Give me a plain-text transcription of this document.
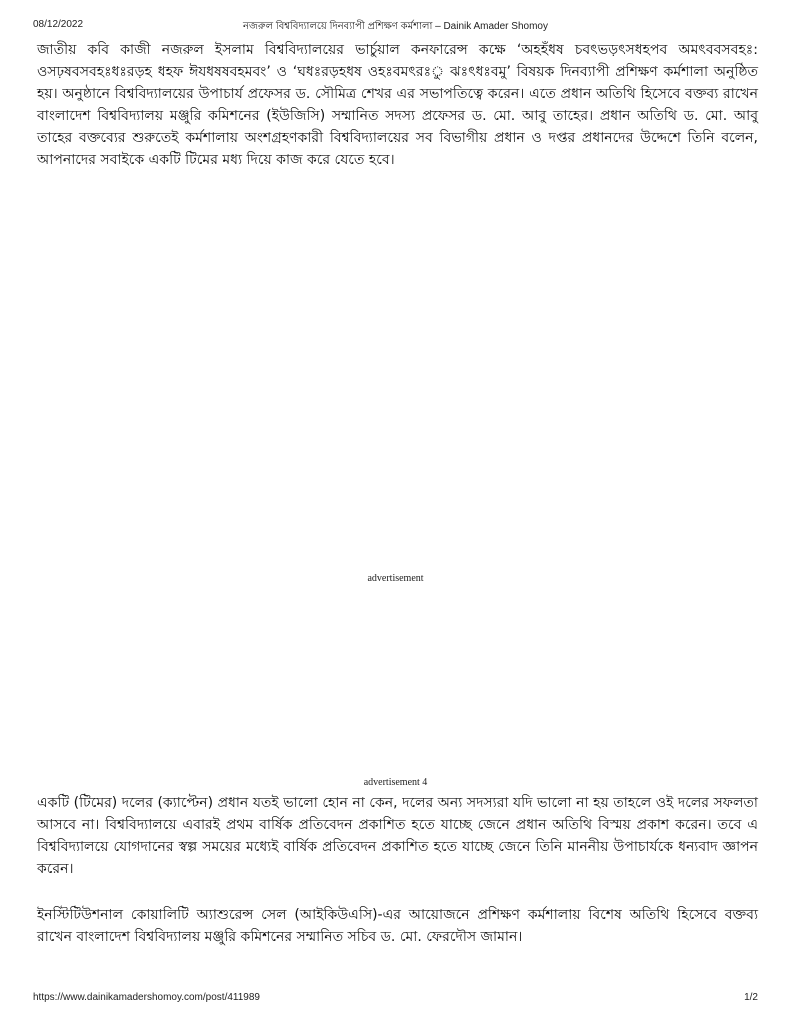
08/12/2022	নজরুল বিশ্ববিদ্যালয়ে দিনব্যাপী প্রশিক্ষণ কর্মশালা – Dainik Amader Shomoy

জাতীয় কবি কাজী নজরুল ইসলাম বিশ্ববিদ্যালয়ের ভার্চুয়াল কনফারেন্স কক্ষে ‘অহহঁধষ চবৎভড়ৎসধহপব অমৎববসবহঃ: ওসঢ়ষবসবহঃধঃরড়হ ধহফ ঈযধষষবহমবং’ ও ‘ঘধঃরড়হধষ ওহঃবমৎরঃু ঝঃৎধঃবমু’ বিষয়ক দিনব্যাপী প্রশিক্ষণ কর্মশালা অনুষ্ঠিত হয়। অনুষ্ঠানে বিশ্ববিদ্যালয়ের উপাচার্য প্রফেসর ড. সৌমিত্র শেখর এর সভাপতিত্বে করেন। এতে প্রধান অতিথি হিসেবে বক্তব্য রাখেন বাংলাদেশ বিশ্ববিদ্যালয় মঞ্জুরি কমিশনের (ইউজিসি) সম্মানিত সদস্য প্রফেসর ড. মো. আবু তাহের। প্রধান অতিথি ড. মো. আবু তাহের বক্তব্যের শুরুতেই কর্মশালায় অংশগ্রহণকারী বিশ্ববিদ্যালয়ের সব বিভাগীয় প্রধান ও দপ্তর প্রধানদের উদ্দেশে তিনি বলেন, আপনাদের সবাইকে একটি টিমের মধ্য দিয়ে কাজ করে যেতে হবে।

advertisement
advertisement 4

একটি (টিমের) দলের (ক্যাপ্টেন) প্রধান যতই ভালো হোন না কেন, দলের অন্য সদস্যরা যদি ভালো না হয় তাহলে ওই দলের সফলতা আসবে না। বিশ্ববিদ্যালয়ে এবারই প্রথম বার্ষিক প্রতিবেদন প্রকাশিত হতে যাচ্ছে জেনে প্রধান অতিথি বিস্ময় প্রকাশ করেন। তবে এ বিশ্ববিদ্যালয়ে যোগদানের স্বল্প সময়ের মধ্যেই বার্ষিক প্রতিবেদন প্রকাশিত হতে যাচ্ছে জেনে তিনি মাননীয় উপাচার্যকে ধন্যবাদ জ্ঞাপন করেন।

ইনস্টিটিউশনাল কোয়ালিটি অ্যাশুরেন্স সেল (আইকিউএসি)-এর আয়োজনে প্রশিক্ষণ কর্মশালায় বিশেষ অতিথি হিসেবে বক্তব্য রাখেন বাংলাদেশ বিশ্ববিদ্যালয় মঞ্জুরি কমিশনের সম্মানিত সচিব ড. মো. ফেরদৌস জামান।

https://www.dainikamadershomoy.com/post/411989	1/2
